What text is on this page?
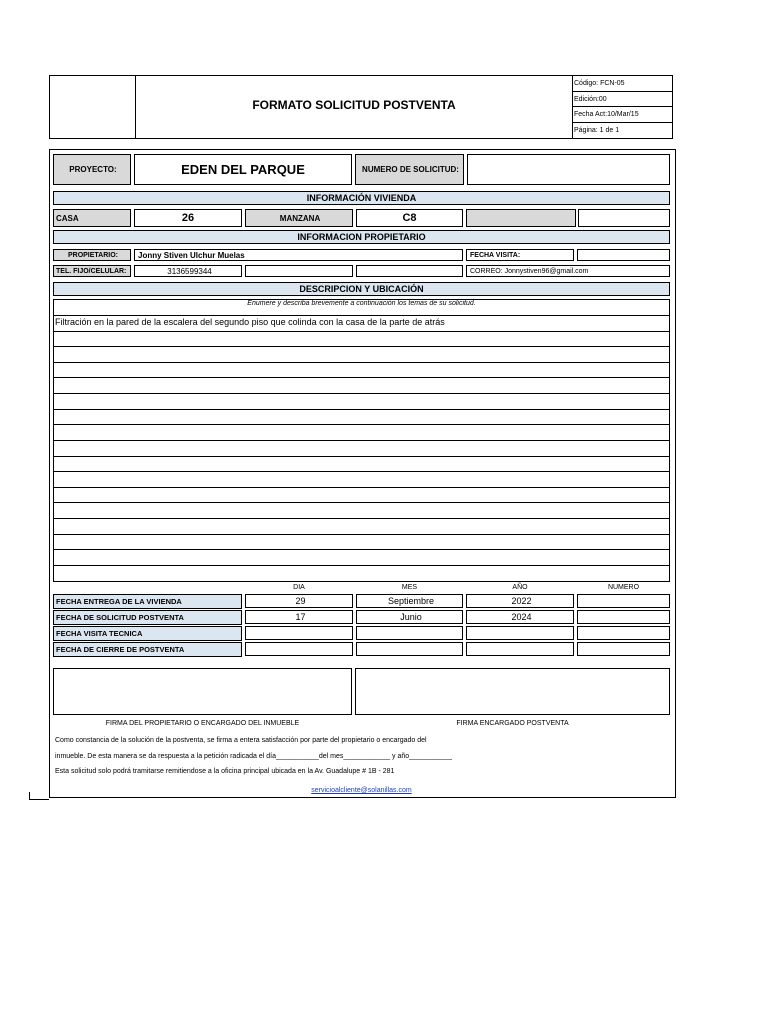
FORMATO SOLICITUD POSTVENTA
Código: FCN-05
Edición:00
Fecha Act:10/Mar/15
Página: 1 de 1
PROYECTO:	EDEN DEL PARQUE	NUMERO DE SOLICITUD:
INFORMACIÓN VIVIENDA
CASA	26	MANZANA	C8
INFORMACION PROPIETARIO
PROPIETARIO: Jonny Stiven Ulchur Muelas	FECHA VISITA:
TEL. FIJO/CELULAR:	3136599344	CORREO: Jonnystiven96@gmail.com
DESCRIPCION Y UBICACIÓN
Enumere y describa brevemente a continuación los temas de su solicitud.
Filtración en la pared de la escalera del segundo piso que colinda con la casa de la parte de atrás
DIA	MES	AÑO	NUMERO
FECHA ENTREGA DE LA VIVIENDA	29	Septiembre	2022
FECHA DE SOLICITUD POSTVENTA	17	Junio	2024
FECHA VISITA TECNICA
FECHA DE CIERRE DE POSTVENTA
FIRMA DEL PROPIETARIO O ENCARGADO DEL INMUEBLE	FIRMA ENCARGADO POSTVENTA
Como constancia de la solución de la postventa, se firma a entera satisfacción por parte del propietario o encargado del
inmueble. De esta manera se da respuesta a la petición radicada el día___________del mes____________ y año___________
Esta solicitud solo podrá tramitarse remitiendose a la oficina principal ubicada en la Av. Guadalupe # 1B - 281
servicioalcliente@solanillas.com
